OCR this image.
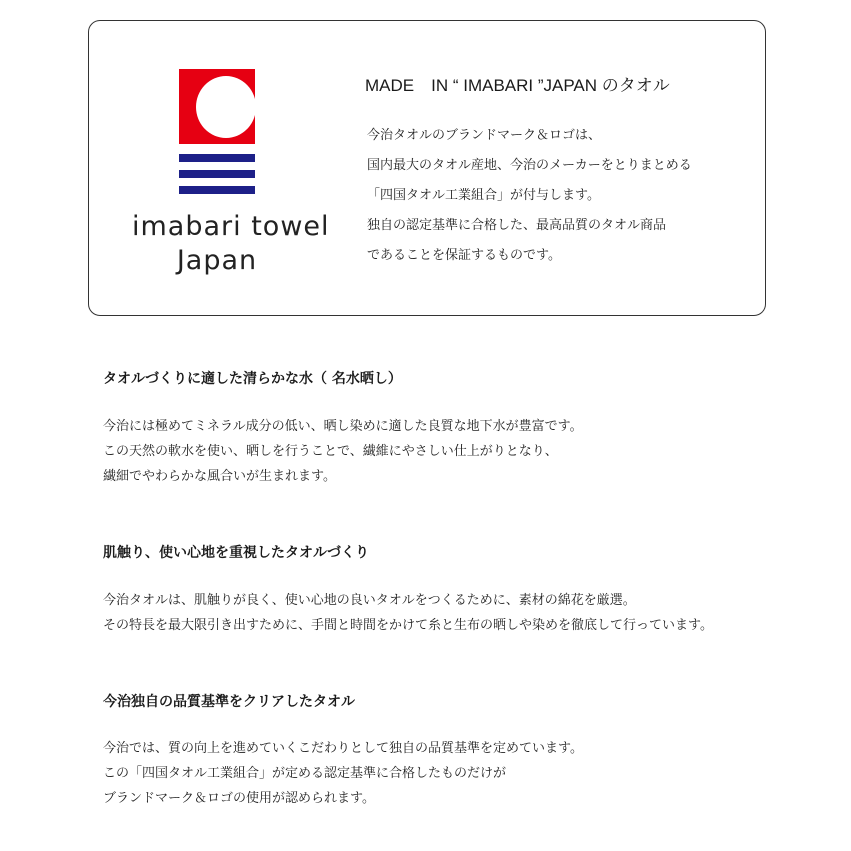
imabari towel
Japan
MADE　IN “ IMABARI ”JAPAN のタオル
今治タオルのブランドマーク＆ロゴは、
国内最大のタオル産地、今治のメーカーをとりまとめる
「四国タオル工業組合」が付与します。
独自の認定基準に合格した、最高品質のタオル商品
であることを保証するものです。
タオルづくりに適した清らかな水（ 名水晒し）
今治には極めてミネラル成分の低い、晒し染めに適した良質な地下水が豊富です。
この天然の軟水を使い、晒しを行うことで、繊維にやさしい仕上がりとなり、
繊細でやわらかな風合いが生まれます。
肌触り、使い心地を重視したタオルづくり
今治タオルは、肌触りが良く、使い心地の良いタオルをつくるために、素材の綿花を厳選。
その特長を最大限引き出すために、手間と時間をかけて糸と生布の晒しや染めを徹底して行っています。
今治独自の品質基準をクリアしたタオル
今治では、質の向上を進めていくこだわりとして独自の品質基準を定めています。
この「四国タオル工業組合」が定める認定基準に合格したものだけが
ブランドマーク＆ロゴの使用が認められます。
